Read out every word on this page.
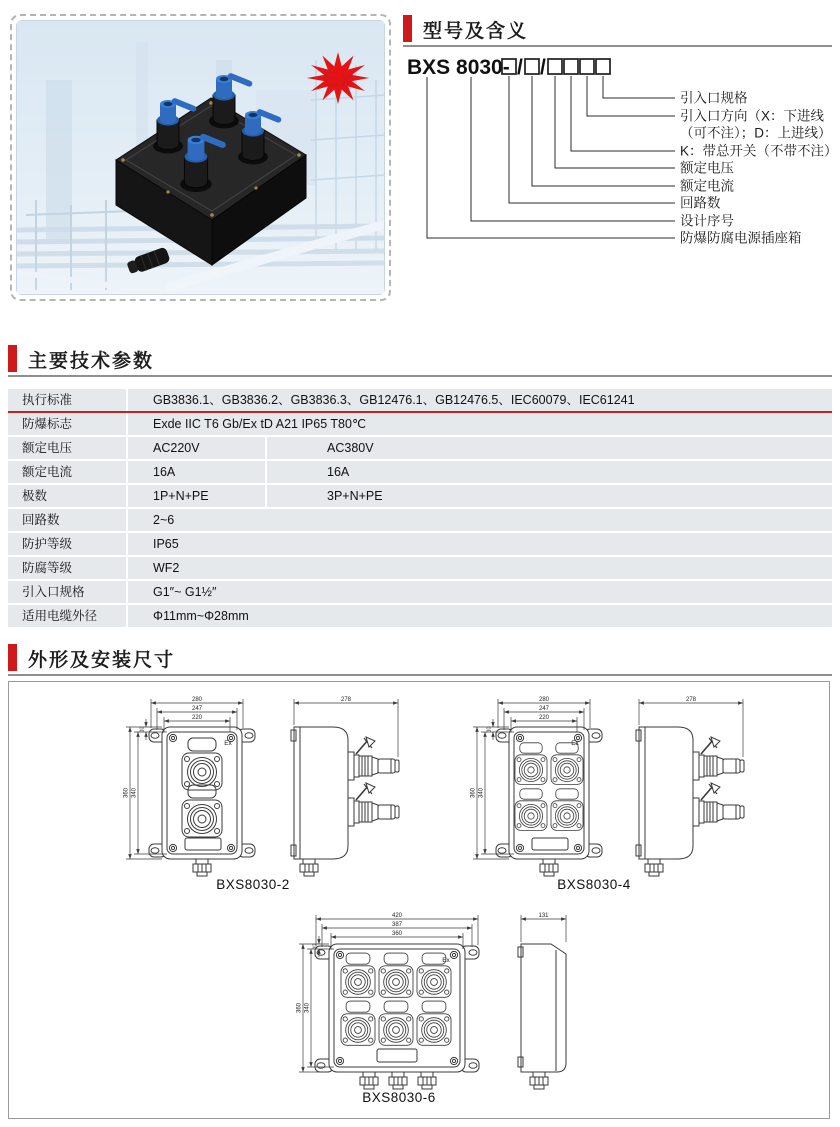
Ex
型号及含义
BXS 8030- / /
引入口规格
引入口方向（X：下进线
（可不注）；D：上进线）
K：带总开关（不带不注）
额定电压
额定电流
回路数
设计序号
防爆防腐电源插座箱
主要技术参数
执行标准	GB3836.1、GB3836.2、GB3836.3、GB12476.1、GB12476.5、IEC60079、IEC61241
防爆标志	Exde IIC T6 Gb/Ex tD A21 IP65 T80℃
额定电压	AC220V	AC380V
额定电流	16A	16A
极数	1P+N+PE	3P+N+PE
回路数	2~6
防护等级	IP65
防腐等级	WF2
引入口规格	G1″~ G1½″
适用电缆外径	Φ11mm~Φ28mm
外形及安装尺寸
Ex
280
247
220
360 340
10
278
BXS8030-2
Ex
280
247
220
360 340
10
278
BXS8030-4
Ex
420
387
360
360 340
10
131
BXS8030-6
